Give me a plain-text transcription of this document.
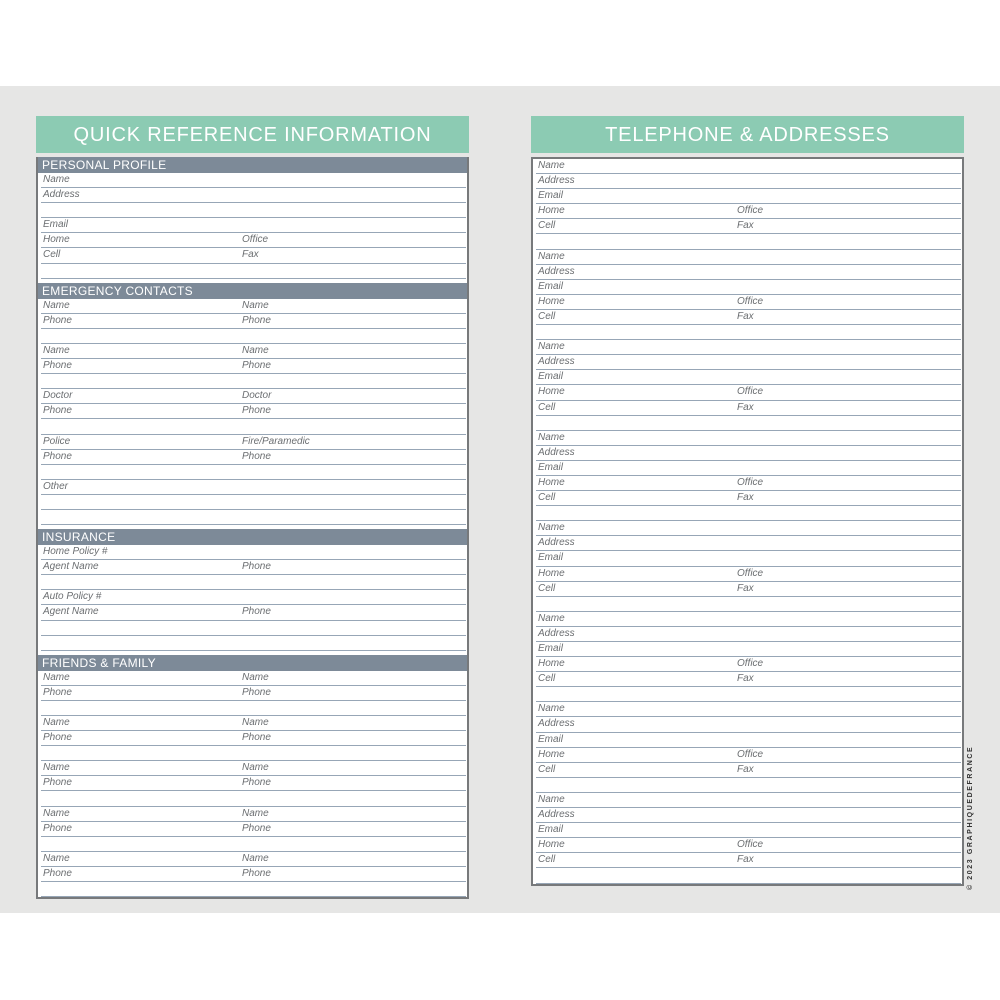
QUICK REFERENCE INFORMATION
PERSONAL PROFILE
Name
Address
Email
Home	Office
Cell	Fax
EMERGENCY CONTACTS
Name	Name
Phone	Phone
Name	Name
Phone	Phone
Doctor	Doctor
Phone	Phone
Police	Fire/Paramedic
Phone	Phone
Other
INSURANCE
Home Policy #
Agent Name	Phone
Auto Policy #
Agent Name	Phone
FRIENDS & FAMILY
Name	Name
Phone	Phone
Name	Name
Phone	Phone
Name	Name
Phone	Phone
Name	Name
Phone	Phone
Name	Name
Phone	Phone
TELEPHONE & ADDRESSES
Name
Address
Email
Home	Office
Cell	Fax
Name
Address
Email
Home	Office
Cell	Fax
Name
Address
Email
Home	Office
Cell	Fax
Name
Address
Email
Home	Office
Cell	Fax
Name
Address
Email
Home	Office
Cell	Fax
Name
Address
Email
Home	Office
Cell	Fax
Name
Address
Email
Home	Office
Cell	Fax
Name
Address
Email
Home	Office
Cell	Fax	© 2023 GRAPHIQUEDEFRANCE
